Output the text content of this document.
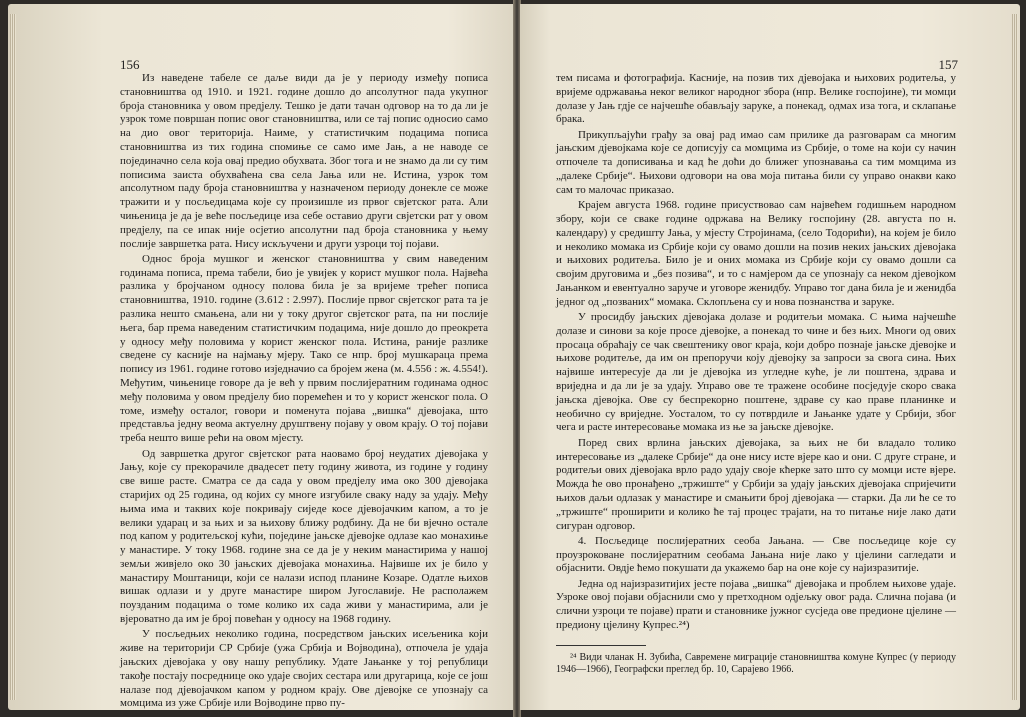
156

Из наведене табеле се даље види да је у периоду између пописа становништва од 1910. и 1921. године дошло до апсолутног пада укупног броја становника у овом предјелу. Тешко је дати тачан одговор на то да ли је узрок томе површан попис овог становништва, или се тај попис односио само на дио овог територија. Наиме, у статистичким подацима пописа становништва из тих година спомиње се само име Јањ, а не наводе се појединачно села која овај предио обухвата. Због тога и не знамо да ли су тим пописима заиста обухваћена сва села Јања или не. Истина, узрок том апсолутном паду броја становништва у назначеном периоду донекле се може тражити и у посљедицама које су произишле из првог свјетског рата. Али чињеница је да је веће посљедице иза себе оставио други свјетски рат у овом предјелу, па се ипак није осјетио апсолутни пад броја становника у њему послије завршетка рата. Нису искључени и други узроци тој појави.

Однос броја мушког и женског становништва у свим наведеним годинама пописа, према табели, био је увијек у корист мушког пола. Највећа разлика у бројчаном односу полова била је за вријеме трећег пописа становништва, 1910. године (3.612 : 2.997). Послије првог свјетског рата та је разлика нешто смањена, али ни у току другог свјетског рата, па ни послије њега, бар према наведеним статистичким подацима, није дошло до преокрета у односу међу половима у корист женског пола. Истина, раније разлике сведене су касније на најмању мјеру. Тако се нпр. број мушкараца према попису из 1961. године готово изједначио са бројем жена (м. 4.556 : ж. 4.554!). Међутим, чињенице говоре да је већ у првим послијератним годинама однос међу половима у овом предјелу био поремећен и то у корист женског пола. О томе, између осталог, говори и поменута појава „вишка“ дјевојака, што представља једну веома актуелну друштвену појаву у овом крају. О тој појави треба нешто више рећи на овом мјесту.

Од завршетка другог свјетског рата наовамо број неудатих дјевојака у Јању, које су прекорачиле двадесет пету годину живота, из године у годину све више расте. Сматра се да сада у овом предјелу има око 300 дјевојака старијих од 25 година, од којих су многе изгубиле сваку наду за удају. Међу њима има и таквих које покривају сиједе косе дјевојачким капом, а то је велики ударац и за њих и за њихову ближу родбину. Да не би вјечно остале под капом у родитељској кући, поједине јањске дјевојке одлазе као монахиње у манастире. У току 1968. године зна се да је у неким манастирима у нашој земљи живјело око 30 јањских дјевојака монахиња. Највише их је било у манастиру Моштаници, који се налази испод планине Козаре. Одатле њихов вишак одлази и у друге манастире широм Југославије. Не располажем поузданим подацима о томе колико их сада живи у манастирима, али је вјероватно да им је број повећан у односу на 1968 годину.

У посљедњих неколико година, посредством јањских исељеника који живе на територији СР Србије (ужа Србија и Војводина), отпочела је удаја јањских дјевојака у ову нашу републику. Удате Јањанке у тој републици такође постају посреднице око удаје својих сестара или другарица, које се још налазе под дјевојачком капом у родном крају. Ове дјевојке се упознају са момцима из уже Србије или Војводине прво пу-

157

тем писама и фотографија. Касније, на позив тих дјевојака и њихових родитеља, у вријеме одржавања неког великог народног збора (нпр. Велике госпојине), ти момци долазе у Јањ гдје се најчешће обављају заруке, а понекад, одмах иза тога, и склапање брака.

Прикупљајући грађу за овај рад имао сам прилике да разговарам са многим јањским дјевојкама које се дописују са момцима из Србије, о томе на који су начин отпочеле та дописивања и кад ће доћи до ближег упознавања са тим момцима из „далеке Србије“. Њихови одговори на ова моја питања били су управо онакви како сам то малочас приказао.

Крајем августа 1968. године присуствовао сам највећем годишњем народном збору, који се сваке године одржава на Велику госпојину (28. августа по н. календару) у средишту Јања, у мјесту Стројинама, (село Тодорићи), на којем је било и неколико момака из Србије који су овамо дошли на позив неких јањских дјевојака и њихових родитеља. Било је и оних момака из Србије који су овамо дошли са својим друговима и „без позива“, и то с намјером да се упознају са неком дјевојком Јањанком и евентуално заруче и уговоре женидбу. Управо тог дана била је и женидба једног од „позваних“ момака. Склопљена су и нова познанства и заруке.

У просидбу јањских дјевојака долазе и родитељи момака. С њима најчешће долазе и синови за које просе дјевојке, а понекад то чине и без њих. Многи од ових просаца обраћају се чак свештенику овог краја, који добро познаје јањске дјевојке и њихове родитеље, да им он препоручи коју дјевојку за запроси за свога сина. Њих највише интересује да ли је дјевојка из угледне куће, је ли поштена, здрава и вриједна и да ли је за удају. Управо ове те тражене особине посједује скоро свака јањска дјевојка. Ове су беспрекорно поштене, здраве су као праве планинке и необично су вриједне. Уосталом, то су потврдиле и Јањанке удате у Србији, због чега и расте интересовање момака из ње за јањске дјевојке.

Поред свих врлина јањских дјевојака, за њих не би владало толико интересовање из „далеке Србије“ да оне нису исте вјере као и они. С друге стране, и родитељи ових дјевојака врло радо удају своје кћерке зато што су момци исте вјере. Можда ће ово пронађено „тржиште“ у Србији за удају јањских дјевојака спријечити њихов даљи одлазак у манастире и смањити број дјевојака — старки. Да ли ће се то „тржиште“ проширити и колико ће тај процес трајати, на то питање није лако дати сигуран одговор.

4. Посљедице послијератних сеоба Јањана. — Све посљедице које су проузроковане послијератним сеобама Јањана није лако у цјелини сагледати и објаснити. Овдје ћемо покушати да укажемо бар на оне које су најизразитије.

Једна од најизразитијих јесте појава „вишка“ дјевојака и проблем њихове удаје. Узроке овој појави објаснили смо у претходном одјељку овог рада. Слична појава (и слични узроци те појаве) прати и становнике јужног сусједа ове предионе цјелине — предиону цјелину Купрес.²⁴)

²⁴ Види чланак Н. Зубића, Савремене миграције становништва комуне Купрес (у периоду 1946—1966), Географски преглед бр. 10, Сарајево 1966.
